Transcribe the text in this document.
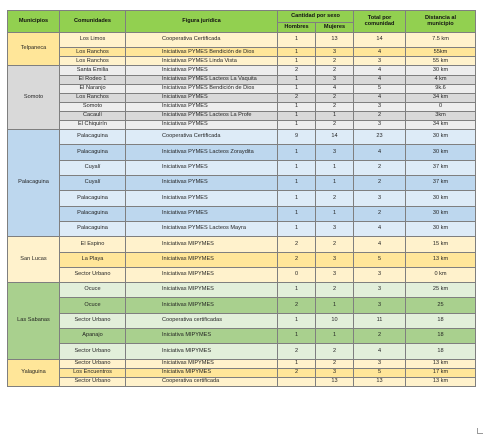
Municipios	Comunidades	Figura jurídica	Cantidad por sexo		Total por comunidad	Distancia al municipio
			Hombres	Mujeres		
Telpaneca	Los Limos	Cooperativa Certificada	1	13	14	7.5 km
	Los Ranchos	Iniciativas PYMES Bendición de Dios	1	3	4	55km
	Los Ranchos	Iniciativas PYMES Linda Vista	1	2	3	55 km
Somoto	Santa Emilia	Iniciativas PYMES	2	2	4	30 km
	El Rodeo 1	Iniciativas PYMES Lacteos La Vaquita	1	3	4	4 km
	El Naranjo	Iniciativas PYMES Bendición de Dios	1	4	5	9k.6
	Los Ranchos	Iniciativas PYMES	2	2	4	34 km
	Somoto	Iniciativas PYMES	1	2	3	0
	Cacaulí	Iniciativas PYMES Lacteos La Profe	1	1	2	3km
	El Chiquirín	Iniciativas PYMES	1	2	3	34 km
Palacaguina	Palacaguina	Cooperativa Certificada	9	14	23	30 km
	Palacaguina	Iniciativas PYMES Lacteos Zoraydita	1	3	4	30 km
	Cuyalí	Iniciativas PYMES	1	1	2	37 km
	Cuyalí	Iniciativas PYMES	1	1	2	37 km
	Palacaguina	Iniciativas PYMES	1	2	3	30 km
	Palacaguina	Iniciativas PYMES	1	1	2	30 km
	Palacaguina	Iniciativas PYMES Lacteos Mayra	1	3	4	30 km
San Lucas	El Espino	Iniciativas MIPYMES	2	2	4	15 km
	La Playa	Iniciativas MIPYMES	2	3	5	13 km
	Sector Urbano	Iniciativas MIPYMES	0	3	3	0 km
Las Sabanas	Ocuce	Iniciativas MIPYMES	1	2	3	25 km
	Ocuce	Iniciativas MIPYMES	2	1	3	25
	Sector Urbano	Cooperativa certificadas	1	10	11	18
	Apanajo	Iniciativa MIPYMES	1	1	2	18
	Sector Urbano	Iniciativa MIPYMES	2	2	4	18
Yalaguina	Sector Urbano	Iniciativas MIPYMES	1	2	3	13 km
	Los Encuentros	Iniciativa MIPYMES	2	3	5	17 km
	Sector Urbano	Cooperativa certificada		13	13	13 km
